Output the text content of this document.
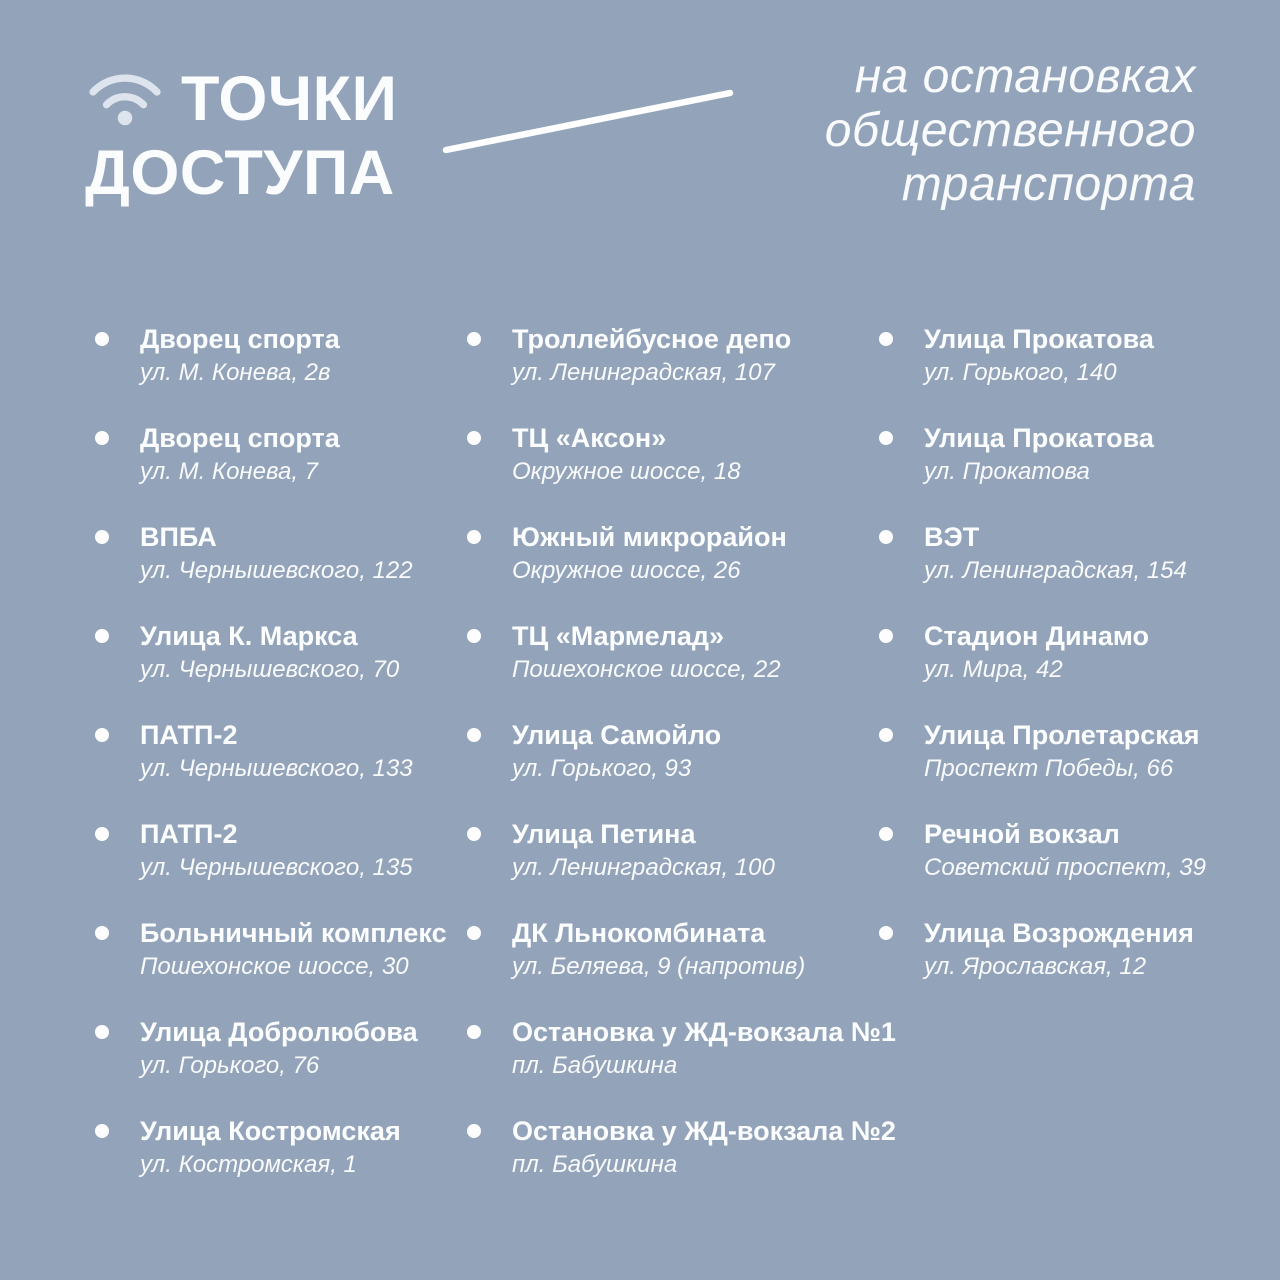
ТОЧКИ
ДОСТУПА
на остановках
общественного
транспорта
Дворец спорта
ул. М. Конева, 2в
Дворец спорта
ул. М. Конева, 7
ВПБА
ул. Чернышевского, 122
Улица К. Маркса
ул. Чернышевского, 70
ПАТП-2
ул. Чернышевского, 133
ПАТП-2
ул. Чернышевского, 135
Больничный комплекс
Пошехонское шоссе, 30
Улица Добролюбова
ул. Горького, 76
Улица Костромская
ул. Костромская, 1
Троллейбусное депо
ул. Ленинградская, 107
ТЦ «Аксон»
Окружное шоссе, 18
Южный микрорайон
Окружное шоссе, 26
ТЦ «Мармелад»
Пошехонское шоссе, 22
Улица Самойло
ул. Горького, 93
Улица Петина
ул. Ленинградская, 100
ДК Льнокомбината
ул. Беляева, 9 (напротив)
Остановка у ЖД-вокзала №1
пл. Бабушкина
Остановка у ЖД-вокзала №2
пл. Бабушкина
Улица Прокатова
ул. Горького, 140
Улица Прокатова
ул. Прокатова
ВЭТ
ул. Ленинградская, 154
Стадион Динамо
ул. Мира, 42
Улица Пролетарская
Проспект Победы, 66
Речной вокзал
Советский проспект, 39
Улица Возрождения
ул. Ярославская, 12
